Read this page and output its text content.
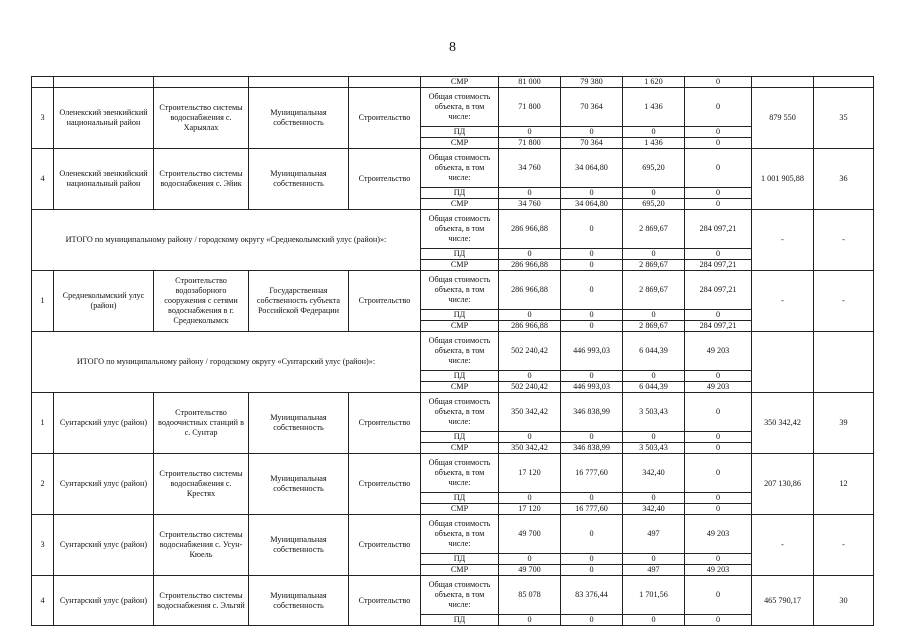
8
					СМР	81 000	79 380	1 620	0		
3	Оленекский эвенкийский национальный район	Строительство системы водоснабжения с. Харыялах	Муниципальная собственность	Строительство	Общая стоимость объекта, в том числе:	71 800	70 364	1 436	0	879 550	35
					ПД	0	0	0	0		
					СМР	71 800	70 364	1 436	0		
4	Оленекский эвенкийский национальный район	Строительство системы водоснабжения с. Эйик	Муниципальная собственность	Строительство	Общая стоимость объекта, в том числе:	34 760	34 064,80	695,20	0	1 001 905,88	36
					ПД	0	0	0	0		
					СМР	34 760	34 064,80	695,20	0		
ИТОГО по муниципальному району / городскому округу «Среднеколымский улус (район)»:					Общая стоимость объекта, в том числе:	286 966,88	0	2 869,67	284 097,21	-	-
					ПД	0	0	0	0		
					СМР	286 966,88	0	2 869,67	284 097,21		
1	Среднеколымский улус (район)	Строительство водозаборного сооружения с сетями водоснабжения в г. Среднеколымск	Государственная собственность субъекта Российской Федерации	Строительство	Общая стоимость объекта, в том числе:	286 966,88	0	2 869,67	284 097,21	-	-
					ПД	0	0	0	0		
					СМР	286 966,88	0	2 869,67	284 097,21		
ИТОГО по муниципальному району / городскому округу «Сунтарский улус (район)»:					Общая стоимость объекта, в том числе:	502 240,42	446 993,03	6 044,39	49 203		
					ПД	0	0	0	0		
					СМР	502 240,42	446 993,03	6 044,39	49 203		
1	Сунтарский улус (район)	Строительство водоочистных станций в с. Сунтар	Муниципальная собственность	Строительство	Общая стоимость объекта, в том числе:	350 342,42	346 838,99	3 503,43	0	350 342,42	39
					ПД	0	0	0	0		
					СМР	350 342,42	346 838,99	3 503,43	0		
2	Сунтарский улус (район)	Строительство системы водоснабжения с. Крестях	Муниципальная собственность	Строительство	Общая стоимость объекта, в том числе:	17 120	16 777,60	342,40	0	207 130,86	12
					ПД	0	0	0	0		
					СМР	17 120	16 777,60	342,40	0		
3	Сунтарский улус (район)	Строительство системы водоснабжения с. Усун-Кюель	Муниципальная собственность	Строительство	Общая стоимость объекта, в том числе:	49 700	0	497	49 203	-	-
					ПД	0	0	0	0		
					СМР	49 700	0	497	49 203		
4	Сунтарский улус (район)	Строительство системы водоснабжения с. Эльгяй	Муниципальная собственность	Строительство	Общая стоимость объекта, в том числе:	85 078	83 376,44	1 701,56	0	465 790,17	30
					ПД	0	0	0	0		
